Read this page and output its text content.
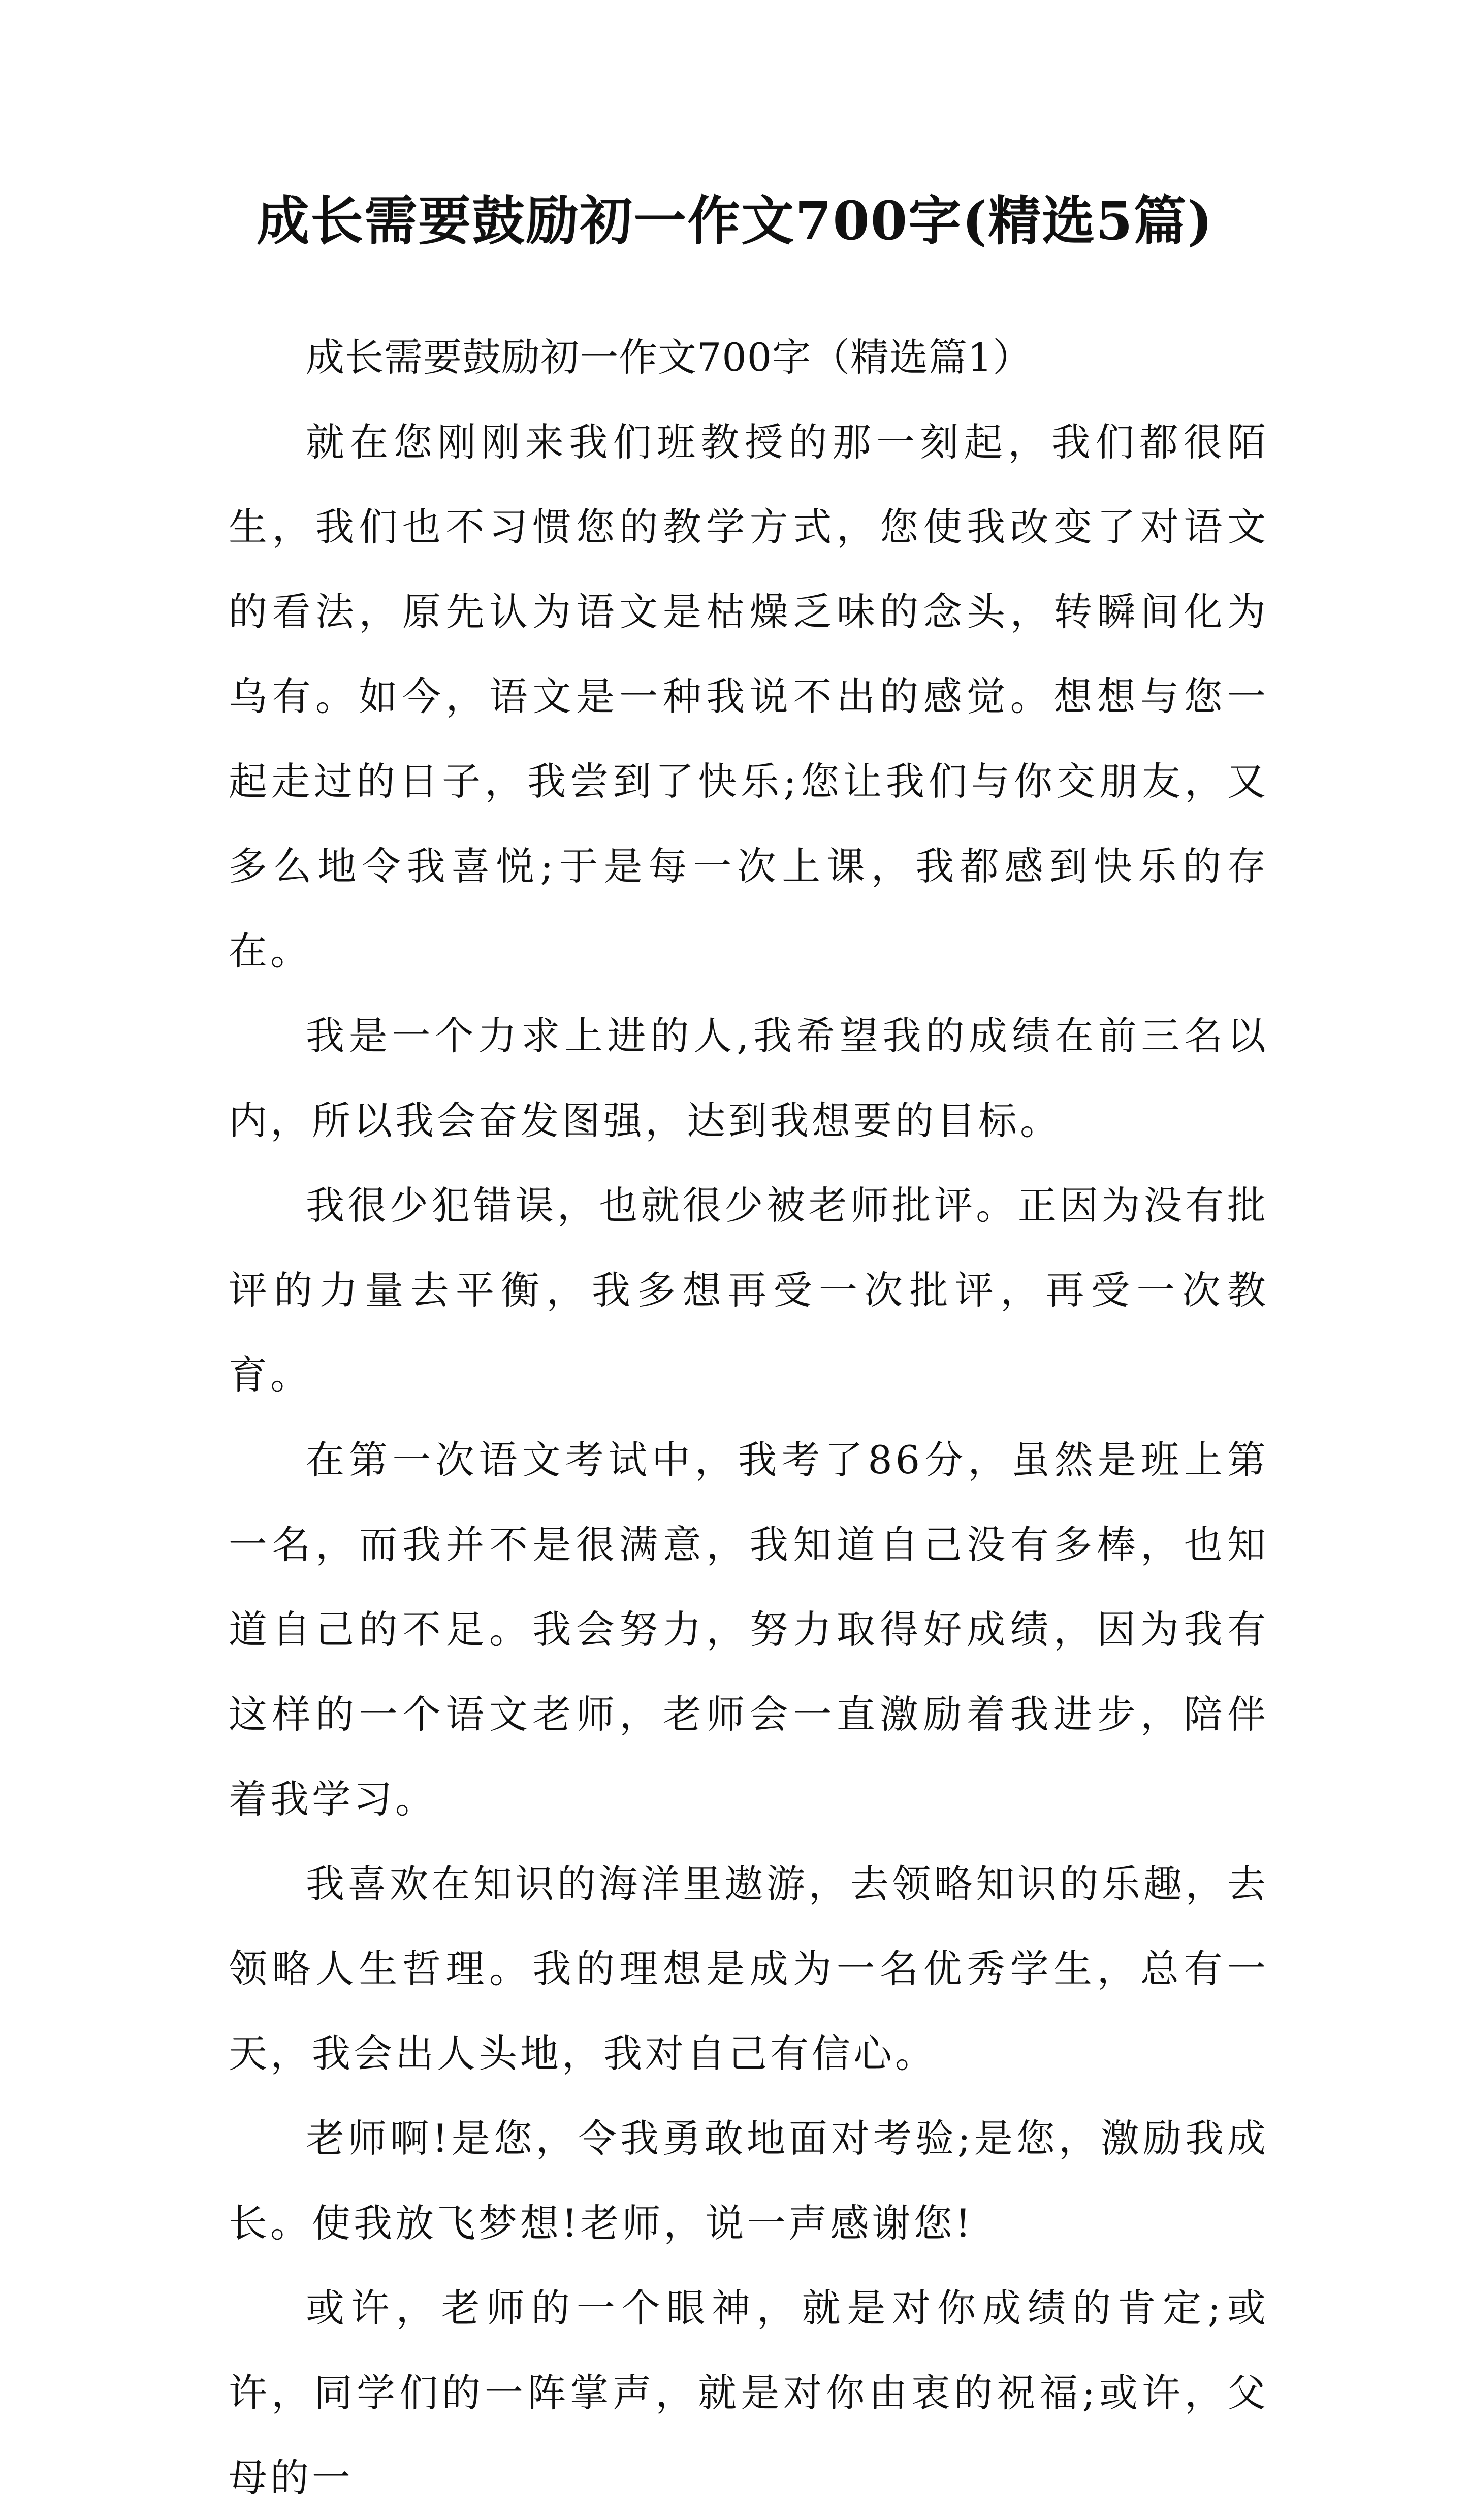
成长需要鼓励初一作文700字(精选5篇)

成长需要鼓励初一作文700字（精选篇1）

就在您刚刚来我们班教授的那一刻起，我们都很陌生，我们也不习惯您的教学方式，您使我改变了对语文的看法，原先认为语文是枯燥乏味的念头，转瞬间化为乌有。如今，语文是一种我说不出的感觉。想想与您一起走过的日子，我尝到了快乐;您让我们与你交朋友，又多么地令我喜悦;于是每一次上课，我都感到快乐的存在。

我是一个力求上进的人,我希望我的成绩在前三名以内，所以我会奋发图强，达到我想要的目标。

我很少犯错误，也就很少被老师批评。正因为没有批评的力量去平衡，我多想再受一次批评，再受一次教育。

在第一次语文考试中，我考了86分，虽然是班上第一名，而我并不是很满意，我知道自己没有多棒，也知道自己的不足。我会努力，努力取得好成绩，因为我有这样的一个语文老师，老师会一直激励着我进步，陪伴着我学习。

我喜欢在知识的海洋里遨游，去领略知识的乐趣，去领略人生哲理。我的理想是成为一名优秀学生，总有一天，我会出人头地，我对自己有信心。

老师啊!是您，令我勇敢地面对考验;是您，激励我成长。使我放飞梦想!老师，说一声感谢您!

或许，老师的一个眼神，就是对你成绩的肯定;或许，同学们的一阵掌声，就是对你由衷的祝福;或许，父母的一
